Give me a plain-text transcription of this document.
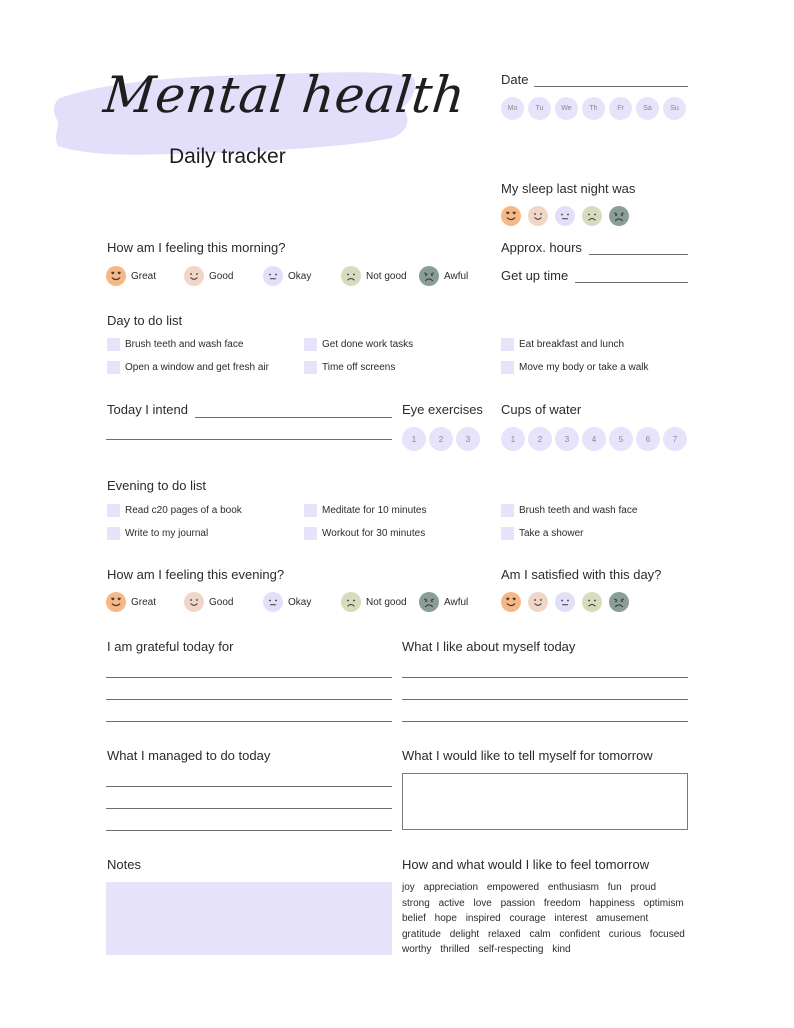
Mental health
Daily tracker
Date
Mo	Tu	We	Th	Fr	Sa	Su
My sleep last night was
Approx. hours
Get up time
How am I feeling this morning?
Great	Good	Okay	Not good	Awful
Day to do list
Brush teeth and wash face	Get done work tasks	Eat breakfast and lunch
Open a window and get fresh air	Time off screens	Move my body or take a walk
Today I intend	Eye exercises
1	2	3
Cups of water
1	2	3	4	5	6	7
Evening to do list
Read c20 pages of a book	Meditate for 10 minutes	Brush teeth and wash face
Write to my journal	Workout for 30 minutes	Take a shower
How am I feeling this evening?
Great	Good	Okay	Not good	Awful
Am I satisfied with this day?
I am grateful today for	What I like about myself today
What I managed to do today	What I would like to tell myself for tomorrow
Notes	How and what would I like to feel tomorrow
joy appreciation empowered enthusiasm fun proud strong active love passion freedom happiness optimism belief hope inspired courage interest amusement gratitude delight relaxed calm confident curious focused worthy thrilled self-respecting kind
